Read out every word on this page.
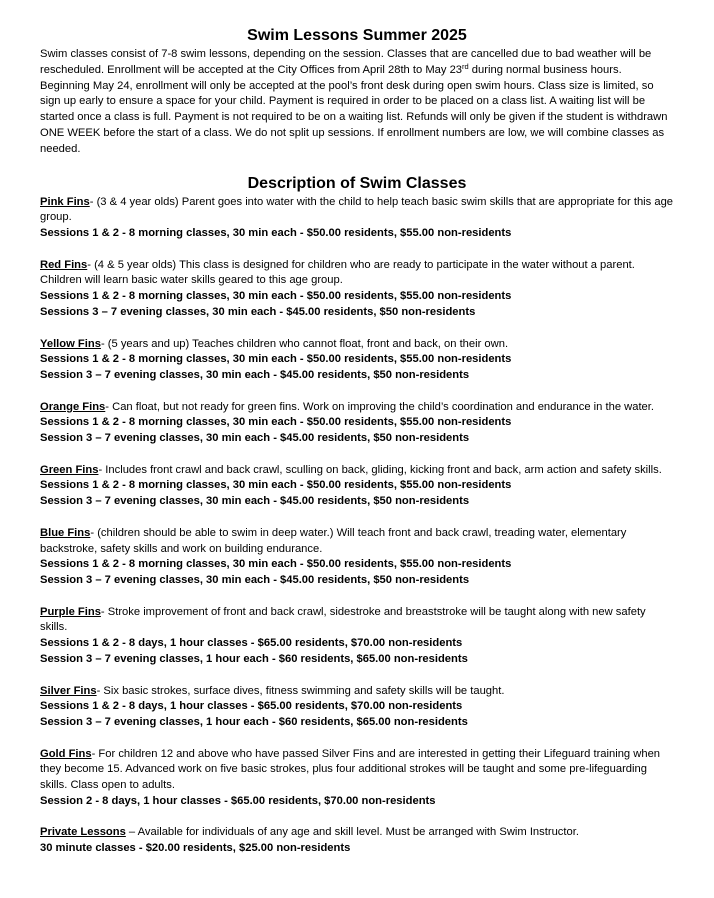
Swim Lessons Summer 2025

Swim classes consist of 7-8 swim lessons, depending on the session. Classes that are cancelled due to bad weather will be rescheduled. Enrollment will be accepted at the City Offices from April 28th to May 23rd during normal business hours. Beginning May 24, enrollment will only be accepted at the pool’s front desk during open swim hours. Class size is limited, so sign up early to ensure a space for your child. Payment is required in order to be placed on a class list. A waiting list will be started once a class is full. Payment is not required to be on a waiting list. Refunds will only be given if the student is withdrawn ONE WEEK before the start of a class. We do not split up sessions. If enrollment numbers are low, we will combine classes as needed.

Description of Swim Classes

Pink Fins- (3 & 4 year olds) Parent goes into water with the child to help teach basic swim skills that are appropriate for this age group.

Sessions 1 & 2 - 8 morning classes, 30 min each - $50.00 residents, $55.00 non-residents

Red Fins- (4 & 5 year olds) This class is designed for children who are ready to participate in the water without a parent. Children will learn basic water skills geared to this age group.

Sessions 1 & 2 - 8 morning classes, 30 min each - $50.00 residents, $55.00 non-residents

Sessions 3 – 7 evening classes, 30 min each - $45.00 residents, $50 non-residents

Yellow Fins- (5 years and up) Teaches children who cannot float, front and back, on their own.

Sessions 1 & 2 - 8 morning classes, 30 min each - $50.00 residents, $55.00 non-residents

Session 3 – 7 evening classes, 30 min each - $45.00 residents, $50 non-residents

Orange Fins- Can float, but not ready for green fins. Work on improving the child’s coordination and endurance in the water.

Sessions 1 & 2 - 8 morning classes, 30 min each - $50.00 residents, $55.00 non-residents

Session 3 – 7 evening classes, 30 min each - $45.00 residents, $50 non-residents

Green Fins- Includes front crawl and back crawl, sculling on back, gliding, kicking front and back, arm action and safety skills.

Sessions 1 & 2 - 8 morning classes, 30 min each - $50.00 residents, $55.00 non-residents

Session 3 – 7 evening classes, 30 min each - $45.00 residents, $50 non-residents

Blue Fins- (children should be able to swim in deep water.) Will teach front and back crawl, treading water, elementary backstroke, safety skills and work on building endurance.

Sessions 1 & 2 - 8 morning classes, 30 min each - $50.00 residents, $55.00 non-residents

Session 3 – 7 evening classes, 30 min each - $45.00 residents, $50 non-residents

Purple Fins- Stroke improvement of front and back crawl, sidestroke and breaststroke will be taught along with new safety skills.

Sessions 1 & 2 - 8 days, 1 hour classes - $65.00 residents, $70.00 non-residents

Session 3 – 7 evening classes, 1 hour each - $60 residents, $65.00 non-residents

Silver Fins- Six basic strokes, surface dives, fitness swimming and safety skills will be taught.

Sessions 1 & 2 - 8 days, 1 hour classes - $65.00 residents, $70.00 non-residents

Session 3 – 7 evening classes, 1 hour each - $60 residents, $65.00 non-residents

Gold Fins- For children 12 and above who have passed Silver Fins and are interested in getting their Lifeguard training when they become 15. Advanced work on five basic strokes, plus four additional strokes will be taught and some pre-lifeguarding skills. Class open to adults.

Session 2 - 8 days, 1 hour classes - $65.00 residents, $70.00 non-residents

Private Lessons – Available for individuals of any age and skill level. Must be arranged with Swim Instructor.

30 minute classes - $20.00 residents, $25.00 non-residents
